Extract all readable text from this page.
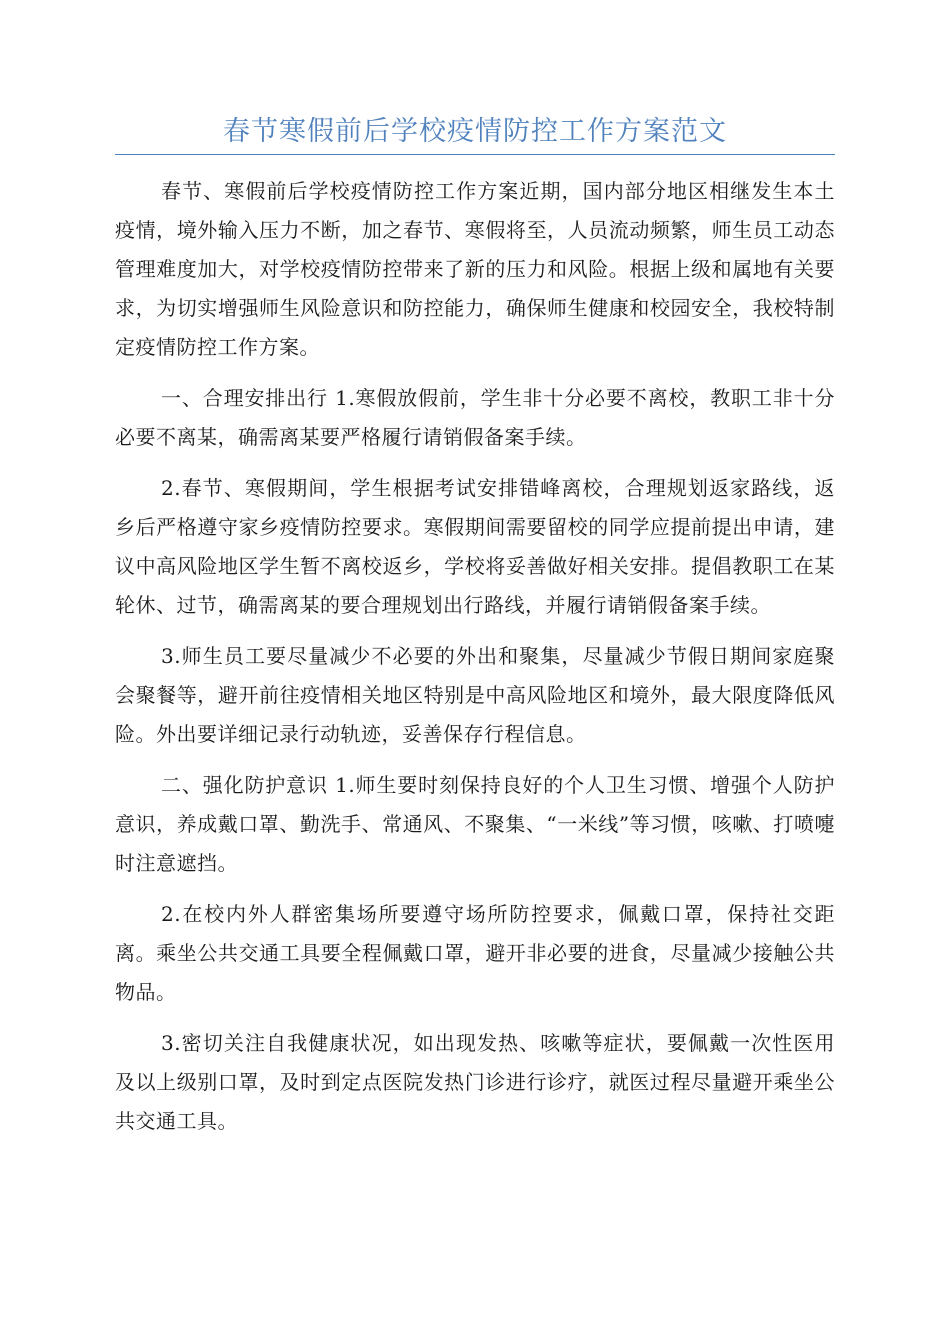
春节寒假前后学校疫情防控工作方案范文

春节、寒假前后学校疫情防控工作方案近期，国内部分地区相继发生本土疫情，境外输入压力不断，加之春节、寒假将至，人员流动频繁，师生员工动态管理难度加大，对学校疫情防控带来了新的压力和风险。根据上级和属地有关要求，为切实增强师生风险意识和防控能力，确保师生健康和校园安全，我校特制定疫情防控工作方案。

一、合理安排出行 1.寒假放假前，学生非十分必要不离校，教职工非十分必要不离某，确需离某要严格履行请销假备案手续。

2.春节、寒假期间，学生根据考试安排错峰离校，合理规划返家路线，返乡后严格遵守家乡疫情防控要求。寒假期间需要留校的同学应提前提出申请，建议中高风险地区学生暂不离校返乡，学校将妥善做好相关安排。提倡教职工在某轮休、过节，确需离某的要合理规划出行路线，并履行请销假备案手续。

3.师生员工要尽量减少不必要的外出和聚集，尽量减少节假日期间家庭聚会聚餐等，避开前往疫情相关地区特别是中高风险地区和境外，最大限度降低风险。外出要详细记录行动轨迹，妥善保存行程信息。

二、强化防护意识 1.师生要时刻保持良好的个人卫生习惯、增强个人防护意识，养成戴口罩、勤洗手、常通风、不聚集、“一米线”等习惯，咳嗽、打喷嚏时注意遮挡。

2.在校内外人群密集场所要遵守场所防控要求，佩戴口罩，保持社交距离。乘坐公共交通工具要全程佩戴口罩，避开非必要的进食，尽量减少接触公共物品。

3.密切关注自我健康状况，如出现发热、咳嗽等症状，要佩戴一次性医用及以上级别口罩，及时到定点医院发热门诊进行诊疗，就医过程尽量避开乘坐公共交通工具。
